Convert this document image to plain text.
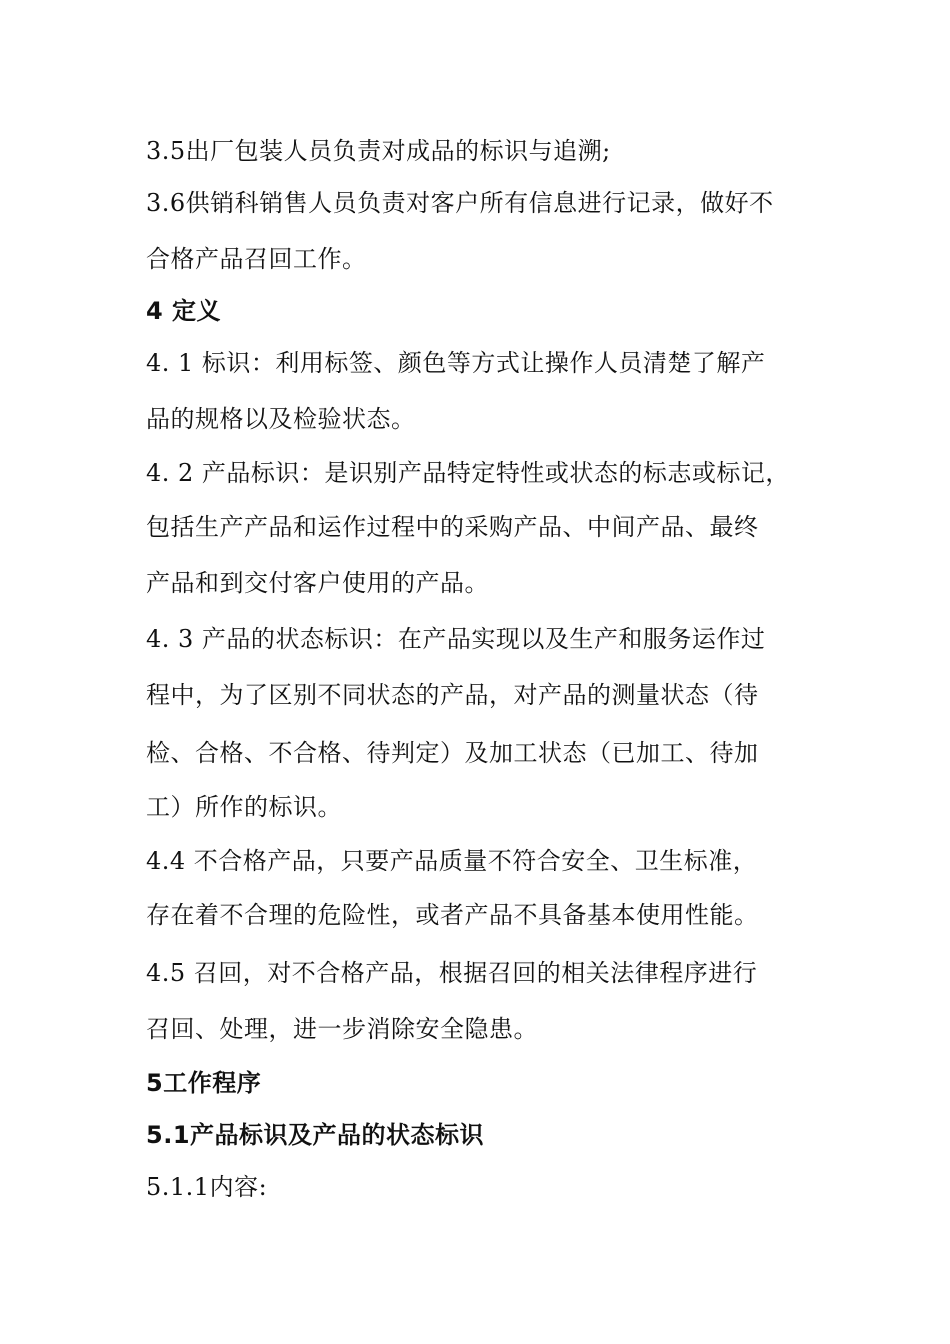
3.5出厂包装人员负责对成品的标识与追溯;
3.6供销科销售人员负责对客户所有信息进行记录，做好不
合格产品召回工作。
4 定义
4. 1 标识：利用标签、颜色等方式让操作人员清楚了解产
品的规格以及检验状态。
4. 2 产品标识：是识别产品特定特性或状态的标志或标记，
包括生产产品和运作过程中的采购产品、中间产品、最终
产品和到交付客户使用的产品。
4. 3 产品的状态标识：在产品实现以及生产和服务运作过
程中，为了区别不同状态的产品，对产品的测量状态（待
检、合格、不合格、待判定）及加工状态（已加工、待加
工）所作的标识。
4.4 不合格产品，只要产品质量不符合安全、卫生标准，
存在着不合理的危险性，或者产品不具备基本使用性能。
4.5 召回，对不合格产品，根据召回的相关法律程序进行
召回、处理，进一步消除安全隐患。
5工作程序
5.1产品标识及产品的状态标识
5.1.1内容:
